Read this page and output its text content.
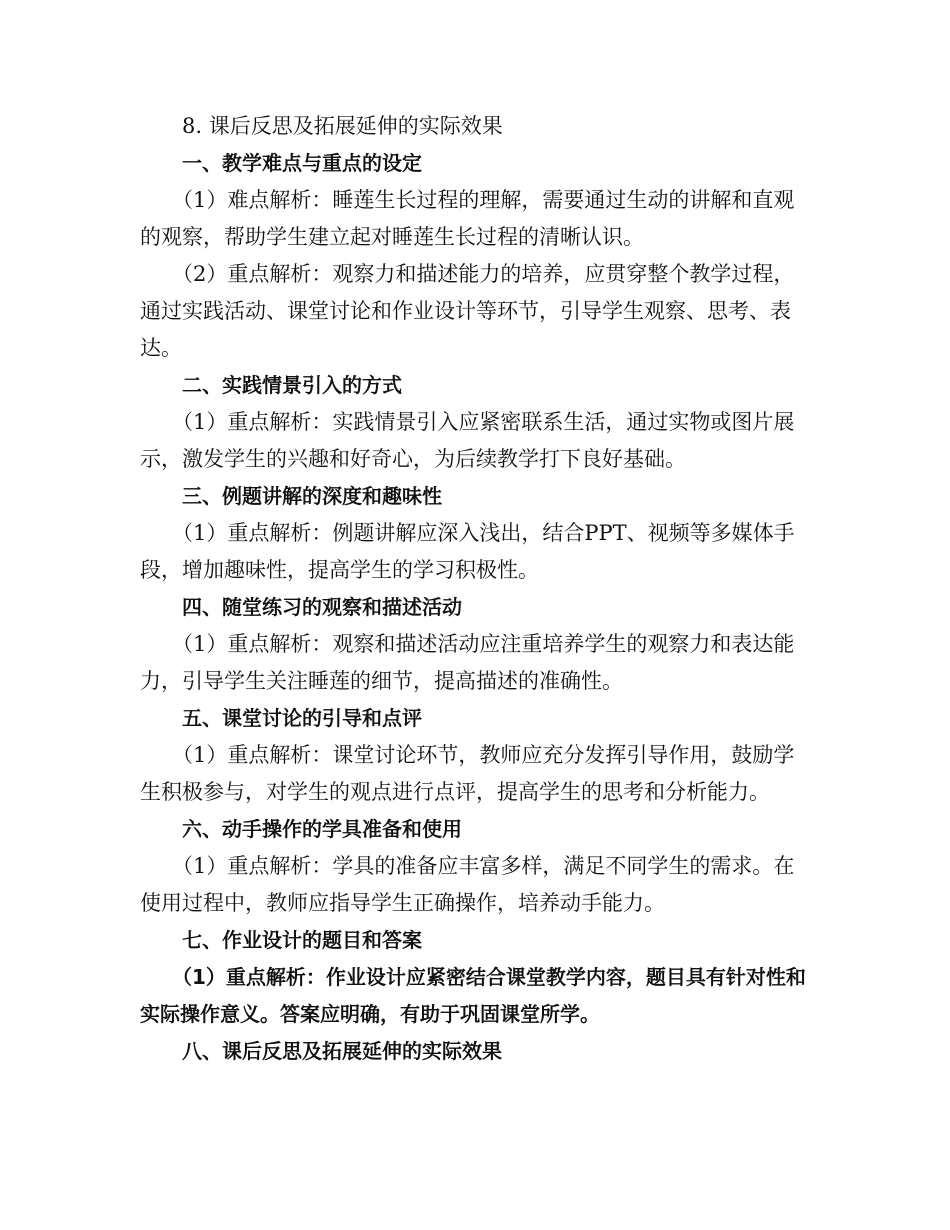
8. 课后反思及拓展延伸的实际效果
一、教学难点与重点的设定

（1）难点解析：睡莲生长过程的理解，需要通过生动的讲解和直观的观察，帮助学生建立起对睡莲生长过程的清晰认识。

（2）重点解析：观察力和描述能力的培养，应贯穿整个教学过程，通过实践活动、课堂讨论和作业设计等环节，引导学生观察、思考、表达。

二、实践情景引入的方式

（1）重点解析：实践情景引入应紧密联系生活，通过实物或图片展示，激发学生的兴趣和好奇心，为后续教学打下良好基础。

三、例题讲解的深度和趣味性

（1）重点解析：例题讲解应深入浅出，结合PPT、视频等多媒体手段，增加趣味性，提高学生的学习积极性。

四、随堂练习的观察和描述活动

（1）重点解析：观察和描述活动应注重培养学生的观察力和表达能力，引导学生关注睡莲的细节，提高描述的准确性。

五、课堂讨论的引导和点评

（1）重点解析：课堂讨论环节，教师应充分发挥引导作用，鼓励学生积极参与，对学生的观点进行点评，提高学生的思考和分析能力。

六、动手操作的学具准备和使用

（1）重点解析：学具的准备应丰富多样，满足不同学生的需求。在使用过程中，教师应指导学生正确操作，培养动手能力。

七、作业设计的题目和答案

（1）重点解析：作业设计应紧密结合课堂教学内容，题目具有针对性和实际操作意义。答案应明确，有助于巩固课堂所学。

八、课后反思及拓展延伸的实际效果
